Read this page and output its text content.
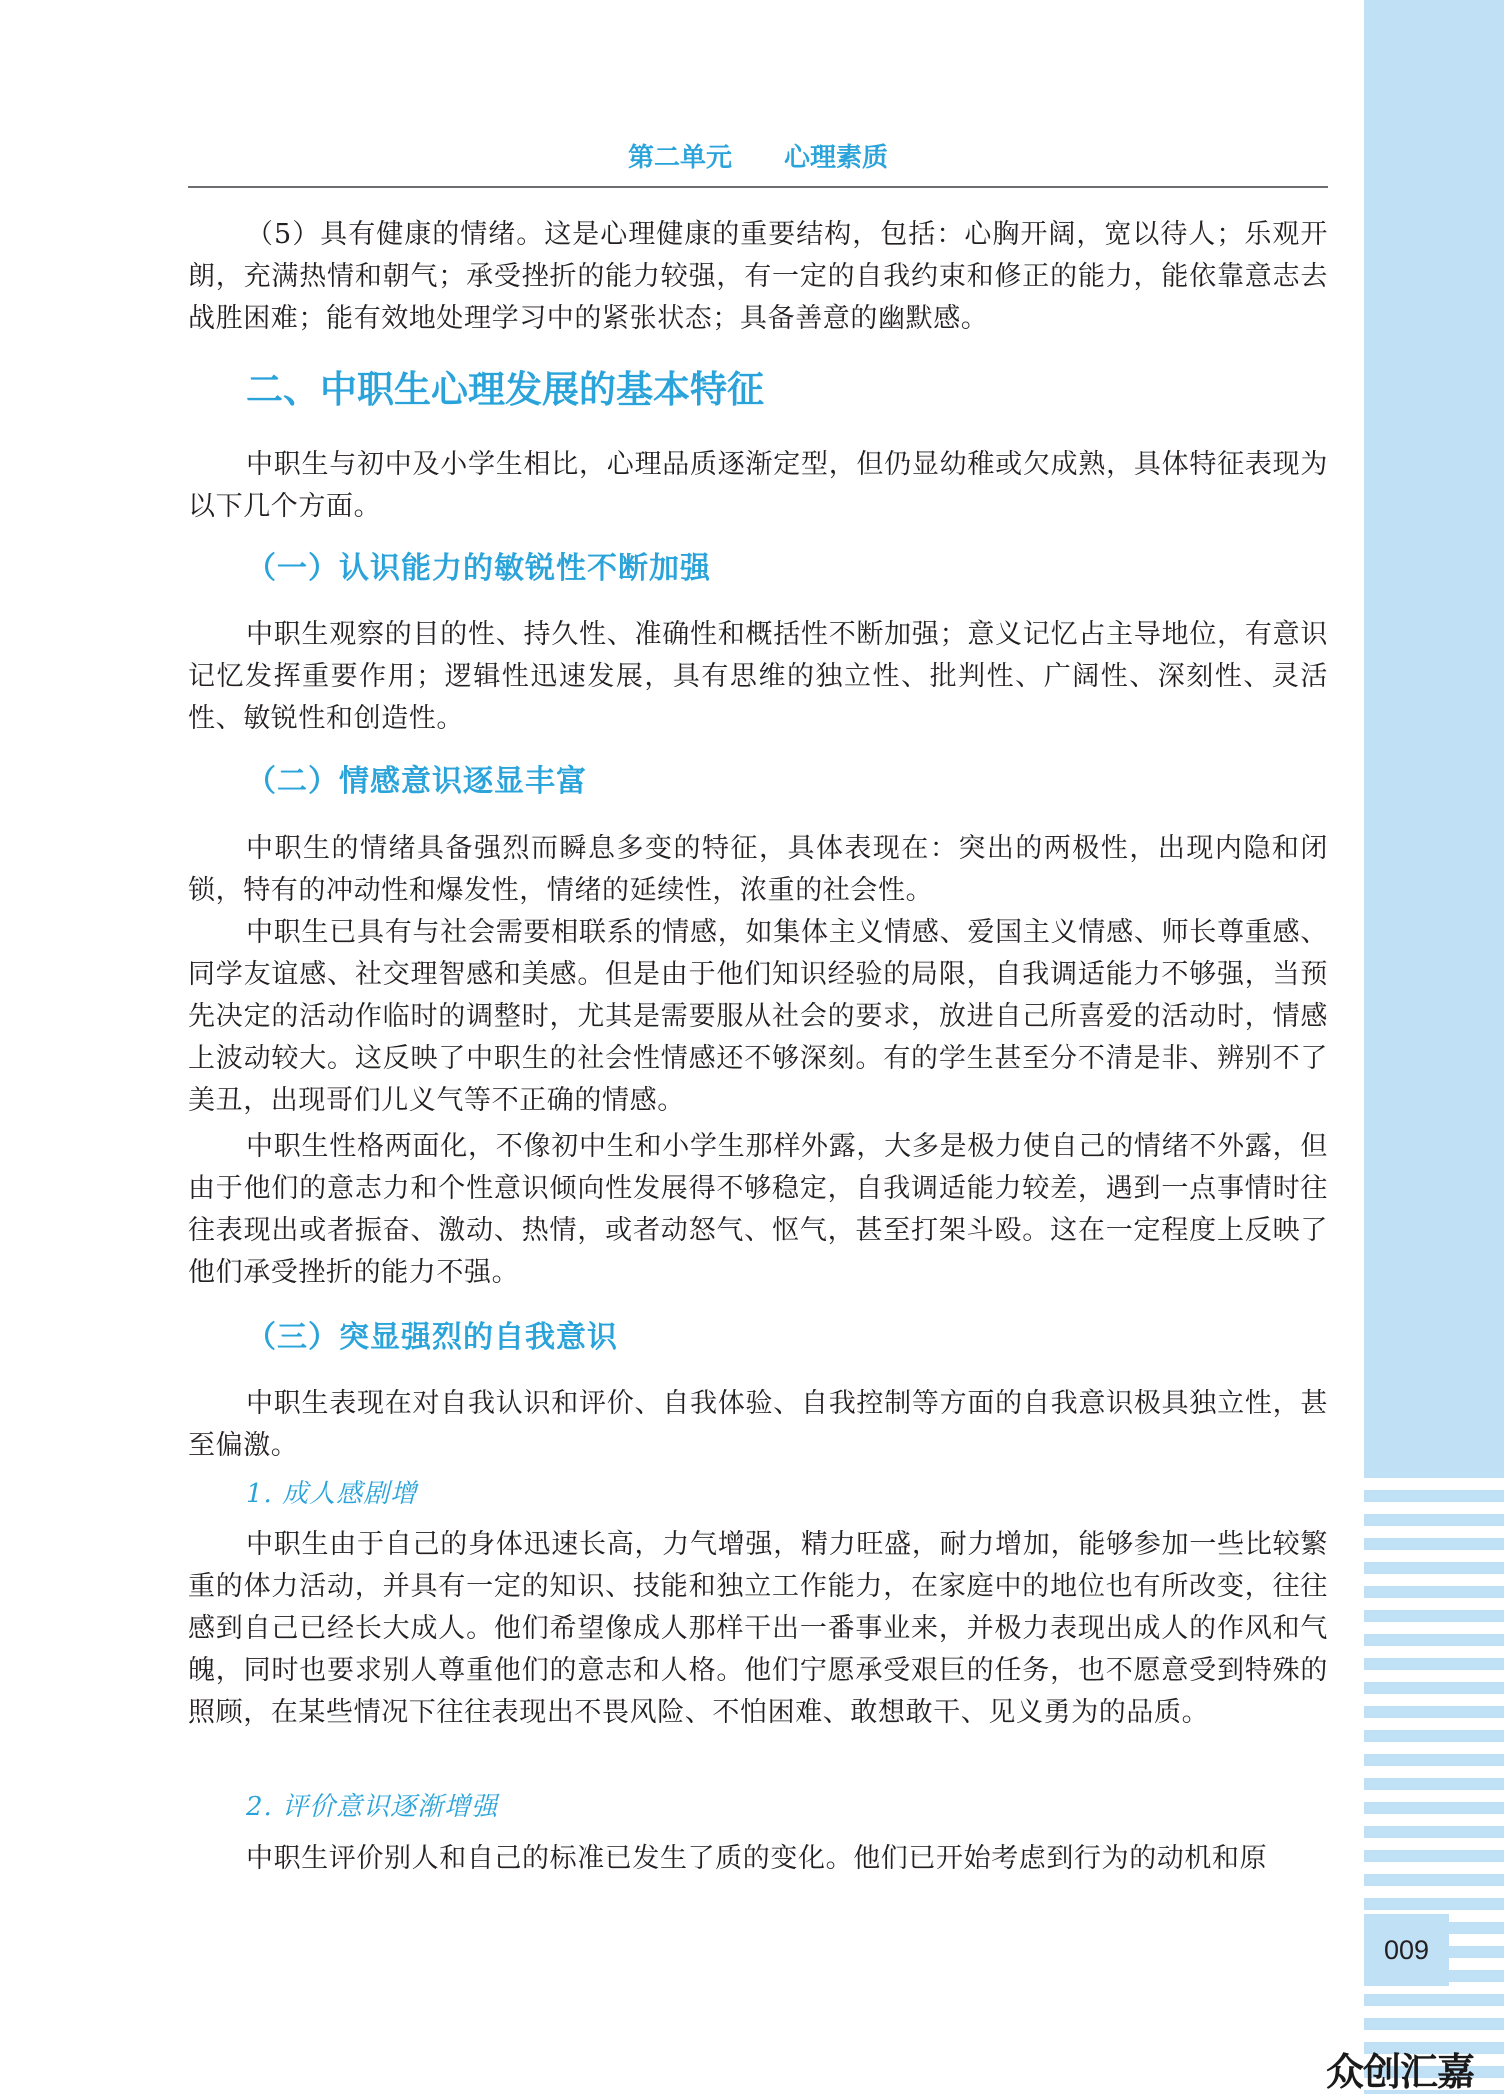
009
第二单元　　 心理素质

（5）具有健康的情绪。这是心理健康的重要结构，包括：心胸开阔，宽以待人；乐观开朗，充满热情和朝气；承受挫折的能力较强，有一定的自我约束和修正的能力，能依靠意志去战胜困难；能有效地处理学习中的紧张状态；具备善意的幽默感。

二、中职生心理发展的基本特征

中职生与初中及小学生相比，心理品质逐渐定型，但仍显幼稚或欠成熟，具体特征表现为以下几个方面。

（一）认识能力的敏锐性不断加强

中职生观察的目的性、持久性、准确性和概括性不断加强；意义记忆占主导地位，有意识记忆发挥重要作用；逻辑性迅速发展，具有思维的独立性、批判性、广阔性、深刻性、灵活性、敏锐性和创造性。

（二）情感意识逐显丰富

中职生的情绪具备强烈而瞬息多变的特征，具体表现在：突出的两极性，出现内隐和闭锁，特有的冲动性和爆发性，情绪的延续性，浓重的社会性。

中职生已具有与社会需要相联系的情感，如集体主义情感、爱国主义情感、师长尊重感、同学友谊感、社交理智感和美感。但是由于他们知识经验的局限，自我调适能力不够强，当预先决定的活动作临时的调整时，尤其是需要服从社会的要求，放进自己所喜爱的活动时，情感上波动较大。这反映了中职生的社会性情感还不够深刻。有的学生甚至分不清是非、辨别不了美丑，出现哥们儿义气等不正确的情感。

中职生性格两面化，不像初中生和小学生那样外露，大多是极力使自己的情绪不外露，但由于他们的意志力和个性意识倾向性发展得不够稳定，自我调适能力较差，遇到一点事情时往往表现出或者振奋、激动、热情，或者动怒气、怄气，甚至打架斗殴。这在一定程度上反映了他们承受挫折的能力不强。

（三）突显强烈的自我意识

中职生表现在对自我认识和评价、自我体验、自我控制等方面的自我意识极具独立性，甚至偏激。

1. 成人感剧增

中职生由于自己的身体迅速长高，力气增强，精力旺盛，耐力增加，能够参加一些比较繁重的体力活动，并具有一定的知识、技能和独立工作能力，在家庭中的地位也有所改变，往往感到自己已经长大成人。他们希望像成人那样干出一番事业来，并极力表现出成人的作风和气魄，同时也要求别人尊重他们的意志和人格。他们宁愿承受艰巨的任务，也不愿意受到特殊的照顾，在某些情况下往往表现出不畏风险、不怕困难、敢想敢干、见义勇为的品质。

2. 评价意识逐渐增强

中职生评价别人和自己的标准已发生了质的变化。他们已开始考虑到行为的动机和原

众创汇嘉
